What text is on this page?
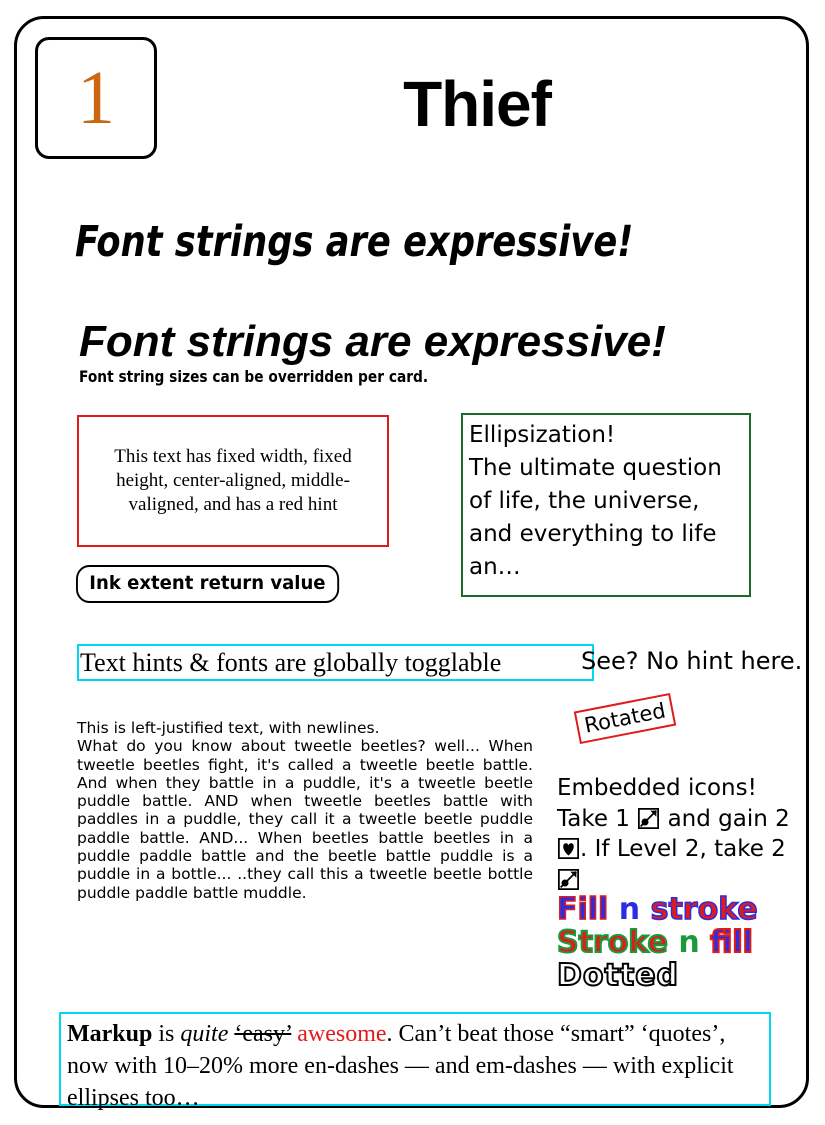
1	Thief
Font strings are expressive!
Font strings are expressive!
Font string sizes can be overridden per card.
This text has fixed width, fixed height, center-aligned, middle-valigned, and has a red hint
Ellipsization!
The ultimate question of life, the universe, and everything to life an…
Ink extent return value
Text hints & fonts are globally togglable	See? No hint here.
This is left-justified text, with newlines.
What do you know about tweetle beetles? well... When tweetle beetles fight, it's called a tweetle beetle battle. And when they battle in a puddle, it's a tweetle beetle puddle battle. AND when tweetle beetles battle with paddles in a puddle, they call it a tweetle beetle puddle paddle battle. AND... When beetles battle beetles in a puddle paddle battle and the beetle battle puddle is a puddle in a bottle... ..they call this a tweetle beetle bottle puddle paddle battle muddle.
Rotated
Embedded icons!
Take 1 and gain 2. If Level 2, take 2
Fill n stroke
Stroke n fill
Dotted
Markup is quite ‘easy’ awesome. Can’t beat those “smart” ‘quotes’, now with 10–20% more en-dashes — and em-dashes — with explicit ellipses too…
